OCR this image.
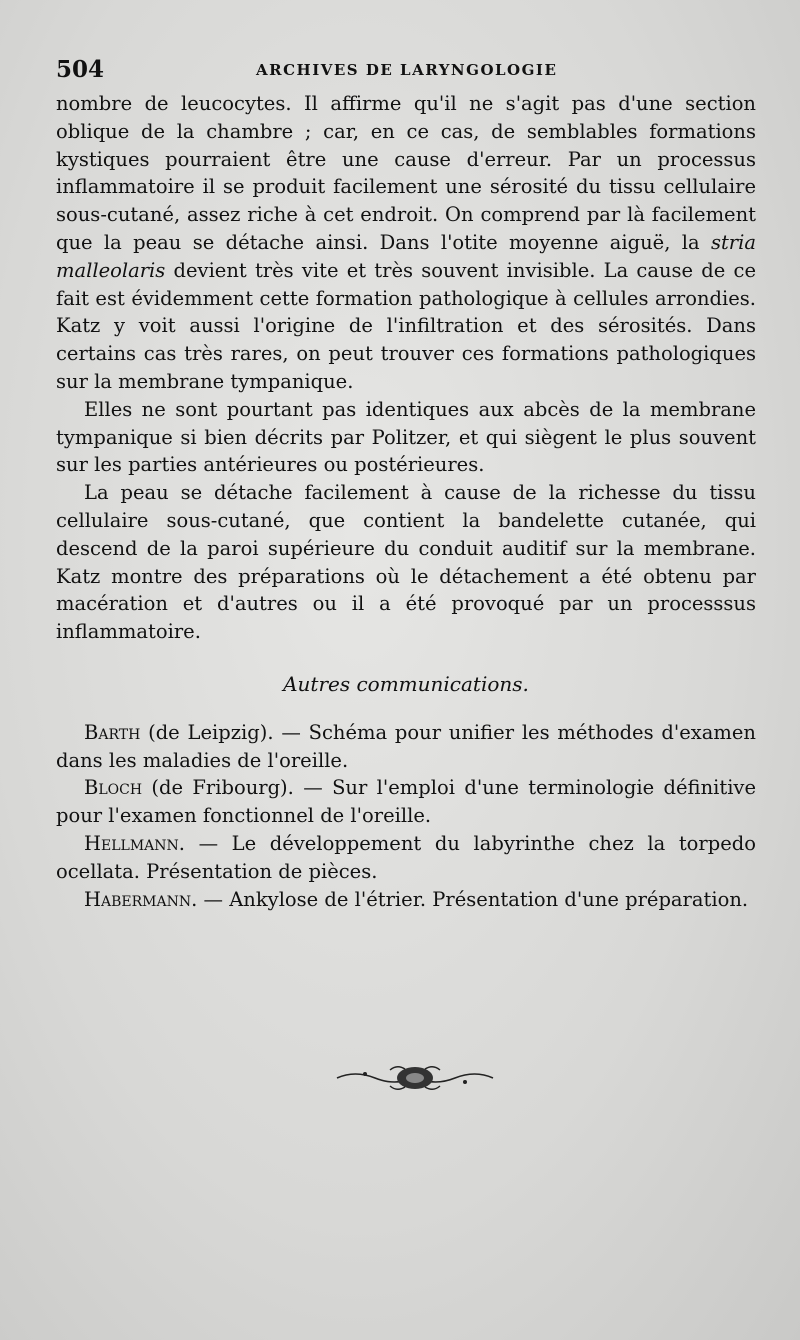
504	ARCHIVES DE LARYNGOLOGIE

nombre de leucocytes. Il affirme qu'il ne s'agit pas d'une section oblique de la chambre ; car, en ce cas, de semblables formations kystiques pourraient être une cause d'erreur. Par un processus inflammatoire il se produit facilement une sérosité du tissu cellulaire sous-cutané, assez riche à cet endroit. On comprend par là facilement que la peau se détache ainsi. Dans l'otite moyenne aiguë, la stria malleolaris devient très vite et très souvent invisible. La cause de ce fait est évidemment cette formation pathologique à cellules arrondies. Katz y voit aussi l'origine de l'infiltration et des sérosités. Dans certains cas très rares, on peut trouver ces formations pathologiques sur la membrane tympanique.

Elles ne sont pourtant pas identiques aux abcès de la membrane tympanique si bien décrits par Politzer, et qui siègent le plus souvent sur les parties antérieures ou postérieures.

La peau se détache facilement à cause de la richesse du tissu cellulaire sous-cutané, que contient la bandelette cutanée, qui descend de la paroi supérieure du conduit auditif sur la membrane. Katz montre des préparations où le détachement a été obtenu par macération et d'autres ou il a été provoqué par un processsus inflammatoire.

Autres communications.

Barth (de Leipzig). — Schéma pour unifier les méthodes d'examen dans les maladies de l'oreille.

Bloch (de Fribourg). — Sur l'emploi d'une terminologie définitive pour l'examen fonctionnel de l'oreille.

Hellmann. — Le développement du labyrinthe chez la torpedo ocellata. Présentation de pièces.

Habermann. — Ankylose de l'étrier. Présentation d'une préparation.
